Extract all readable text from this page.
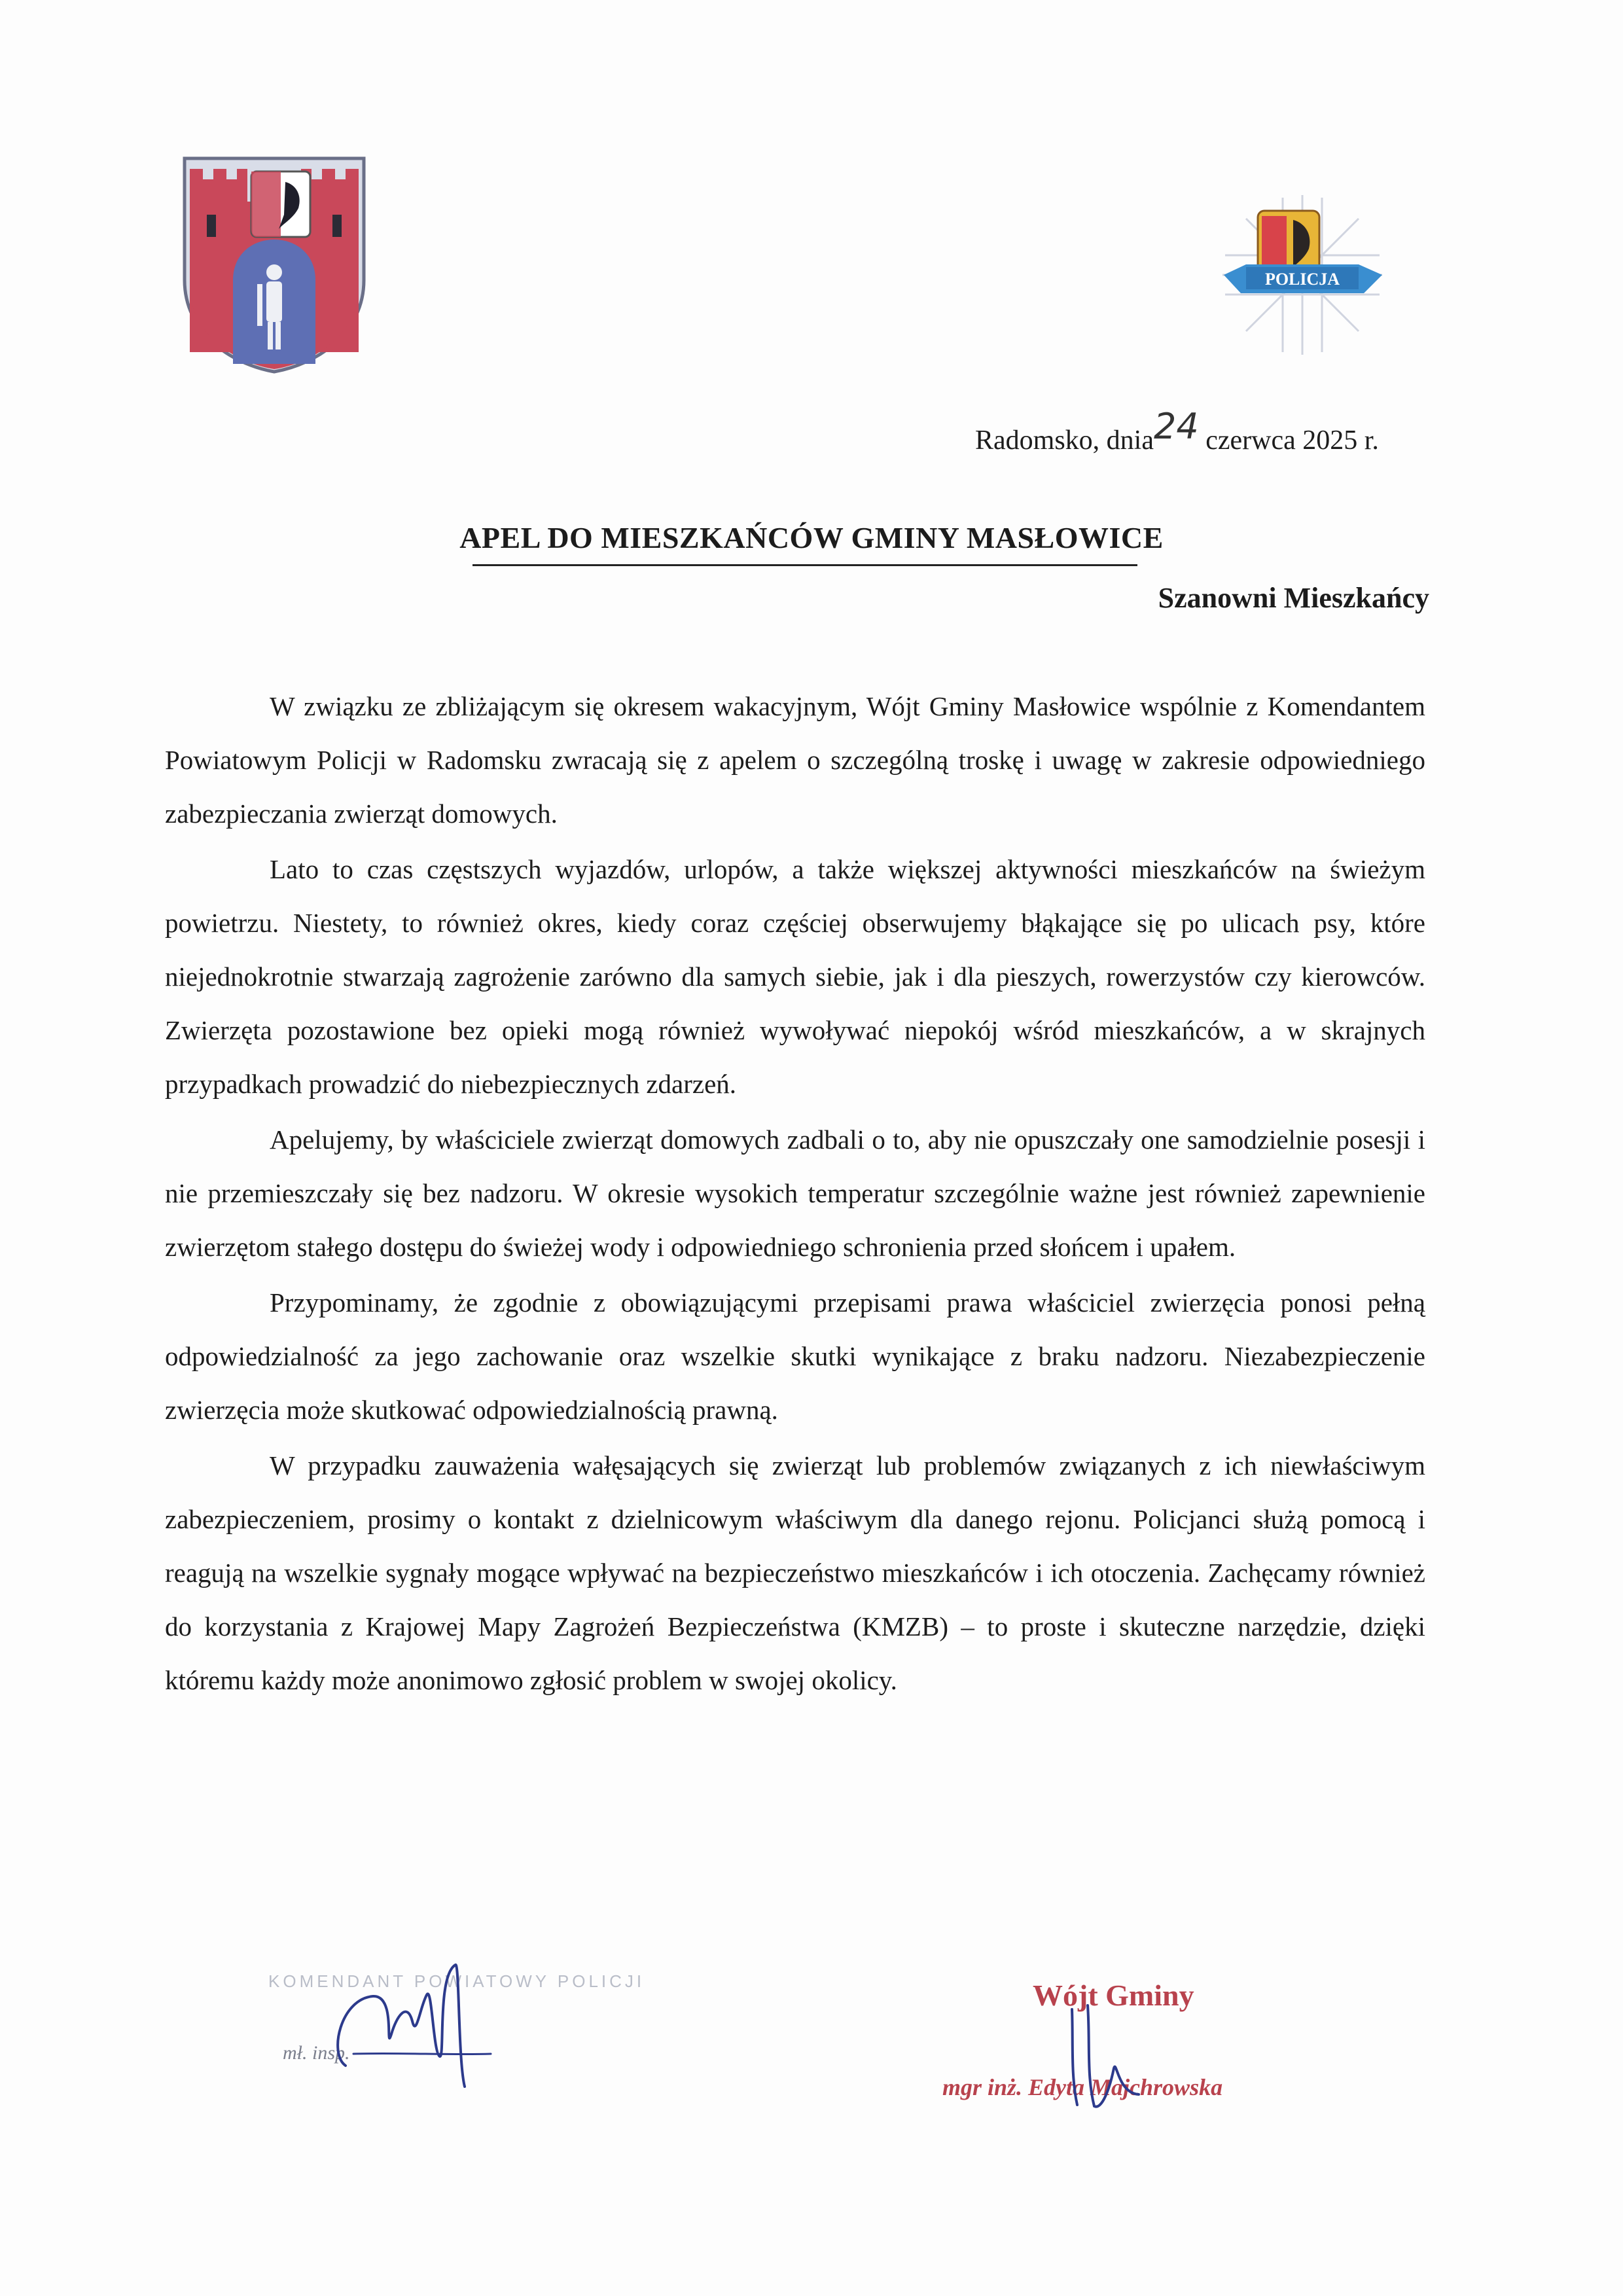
POLICJA
Radomsko, dnia24 czerwca 2025 r.
APEL DO MIESZKAŃCÓW GMINY MASŁOWICE
Szanowni Mieszkańcy

W związku ze zbliżającym się okresem wakacyjnym, Wójt Gminy Masłowice wspólnie z Komendantem Powiatowym Policji w Radomsku zwracają się z apelem o szczególną troskę i uwagę w zakresie odpowiedniego zabezpieczania zwierząt domowych.

Lato to czas częstszych wyjazdów, urlopów, a także większej aktywności mieszkańców na świeżym powietrzu. Niestety, to również okres, kiedy coraz częściej obserwujemy błąkające się po ulicach psy, które niejednokrotnie stwarzają zagrożenie zarówno dla samych siebie, jak i dla pieszych, rowerzystów czy kierowców. Zwierzęta pozostawione bez opieki mogą również wywoływać niepokój wśród mieszkańców, a w skrajnych przypadkach prowadzić do niebezpiecznych zdarzeń.

Apelujemy, by właściciele zwierząt domowych zadbali o to, aby nie opuszczały one samodzielnie posesji i nie przemieszczały się bez nadzoru. W okresie wysokich temperatur szczególnie ważne jest również zapewnienie zwierzętom stałego dostępu do świeżej wody i odpowiedniego schronienia przed słońcem i upałem.

Przypominamy, że zgodnie z obowiązującymi przepisami prawa właściciel zwierzęcia ponosi pełną odpowiedzialność za jego zachowanie oraz wszelkie skutki wynikające z braku nadzoru. Niezabezpieczenie zwierzęcia może skutkować odpowiedzialnością prawną.

W przypadku zauważenia wałęsających się zwierząt lub problemów związanych z ich niewłaściwym zabezpieczeniem, prosimy o kontakt z dzielnicowym właściwym dla danego rejonu. Policjanci służą pomocą i reagują na wszelkie sygnały mogące wpływać na bezpieczeństwo mieszkańców i ich otoczenia. Zachęcamy również do korzystania z Krajowej Mapy Zagrożeń Bezpieczeństwa (KMZB) – to proste i skuteczne narzędzie, dzięki któremu każdy może anonimowo zgłosić problem w swojej okolicy.

KOMENDANT POWIATOWY POLICJI
mł. insp.
Wójt Gminy
mgr inż. Edyta Majchrowska
